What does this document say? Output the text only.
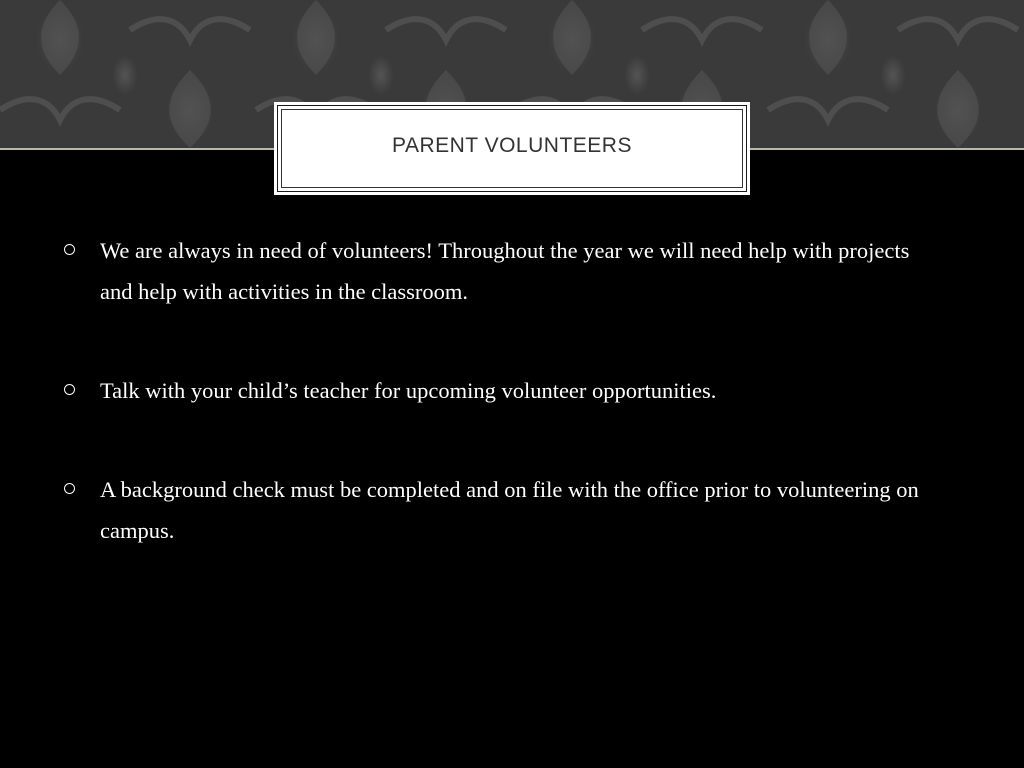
PARENT VOLUNTEERS
We are always in need of volunteers! Throughout the year we will need help with projects and help with activities in the classroom.
Talk with your child’s teacher for upcoming volunteer opportunities.
A background check must be completed and on file with the office prior to volunteering on campus.
